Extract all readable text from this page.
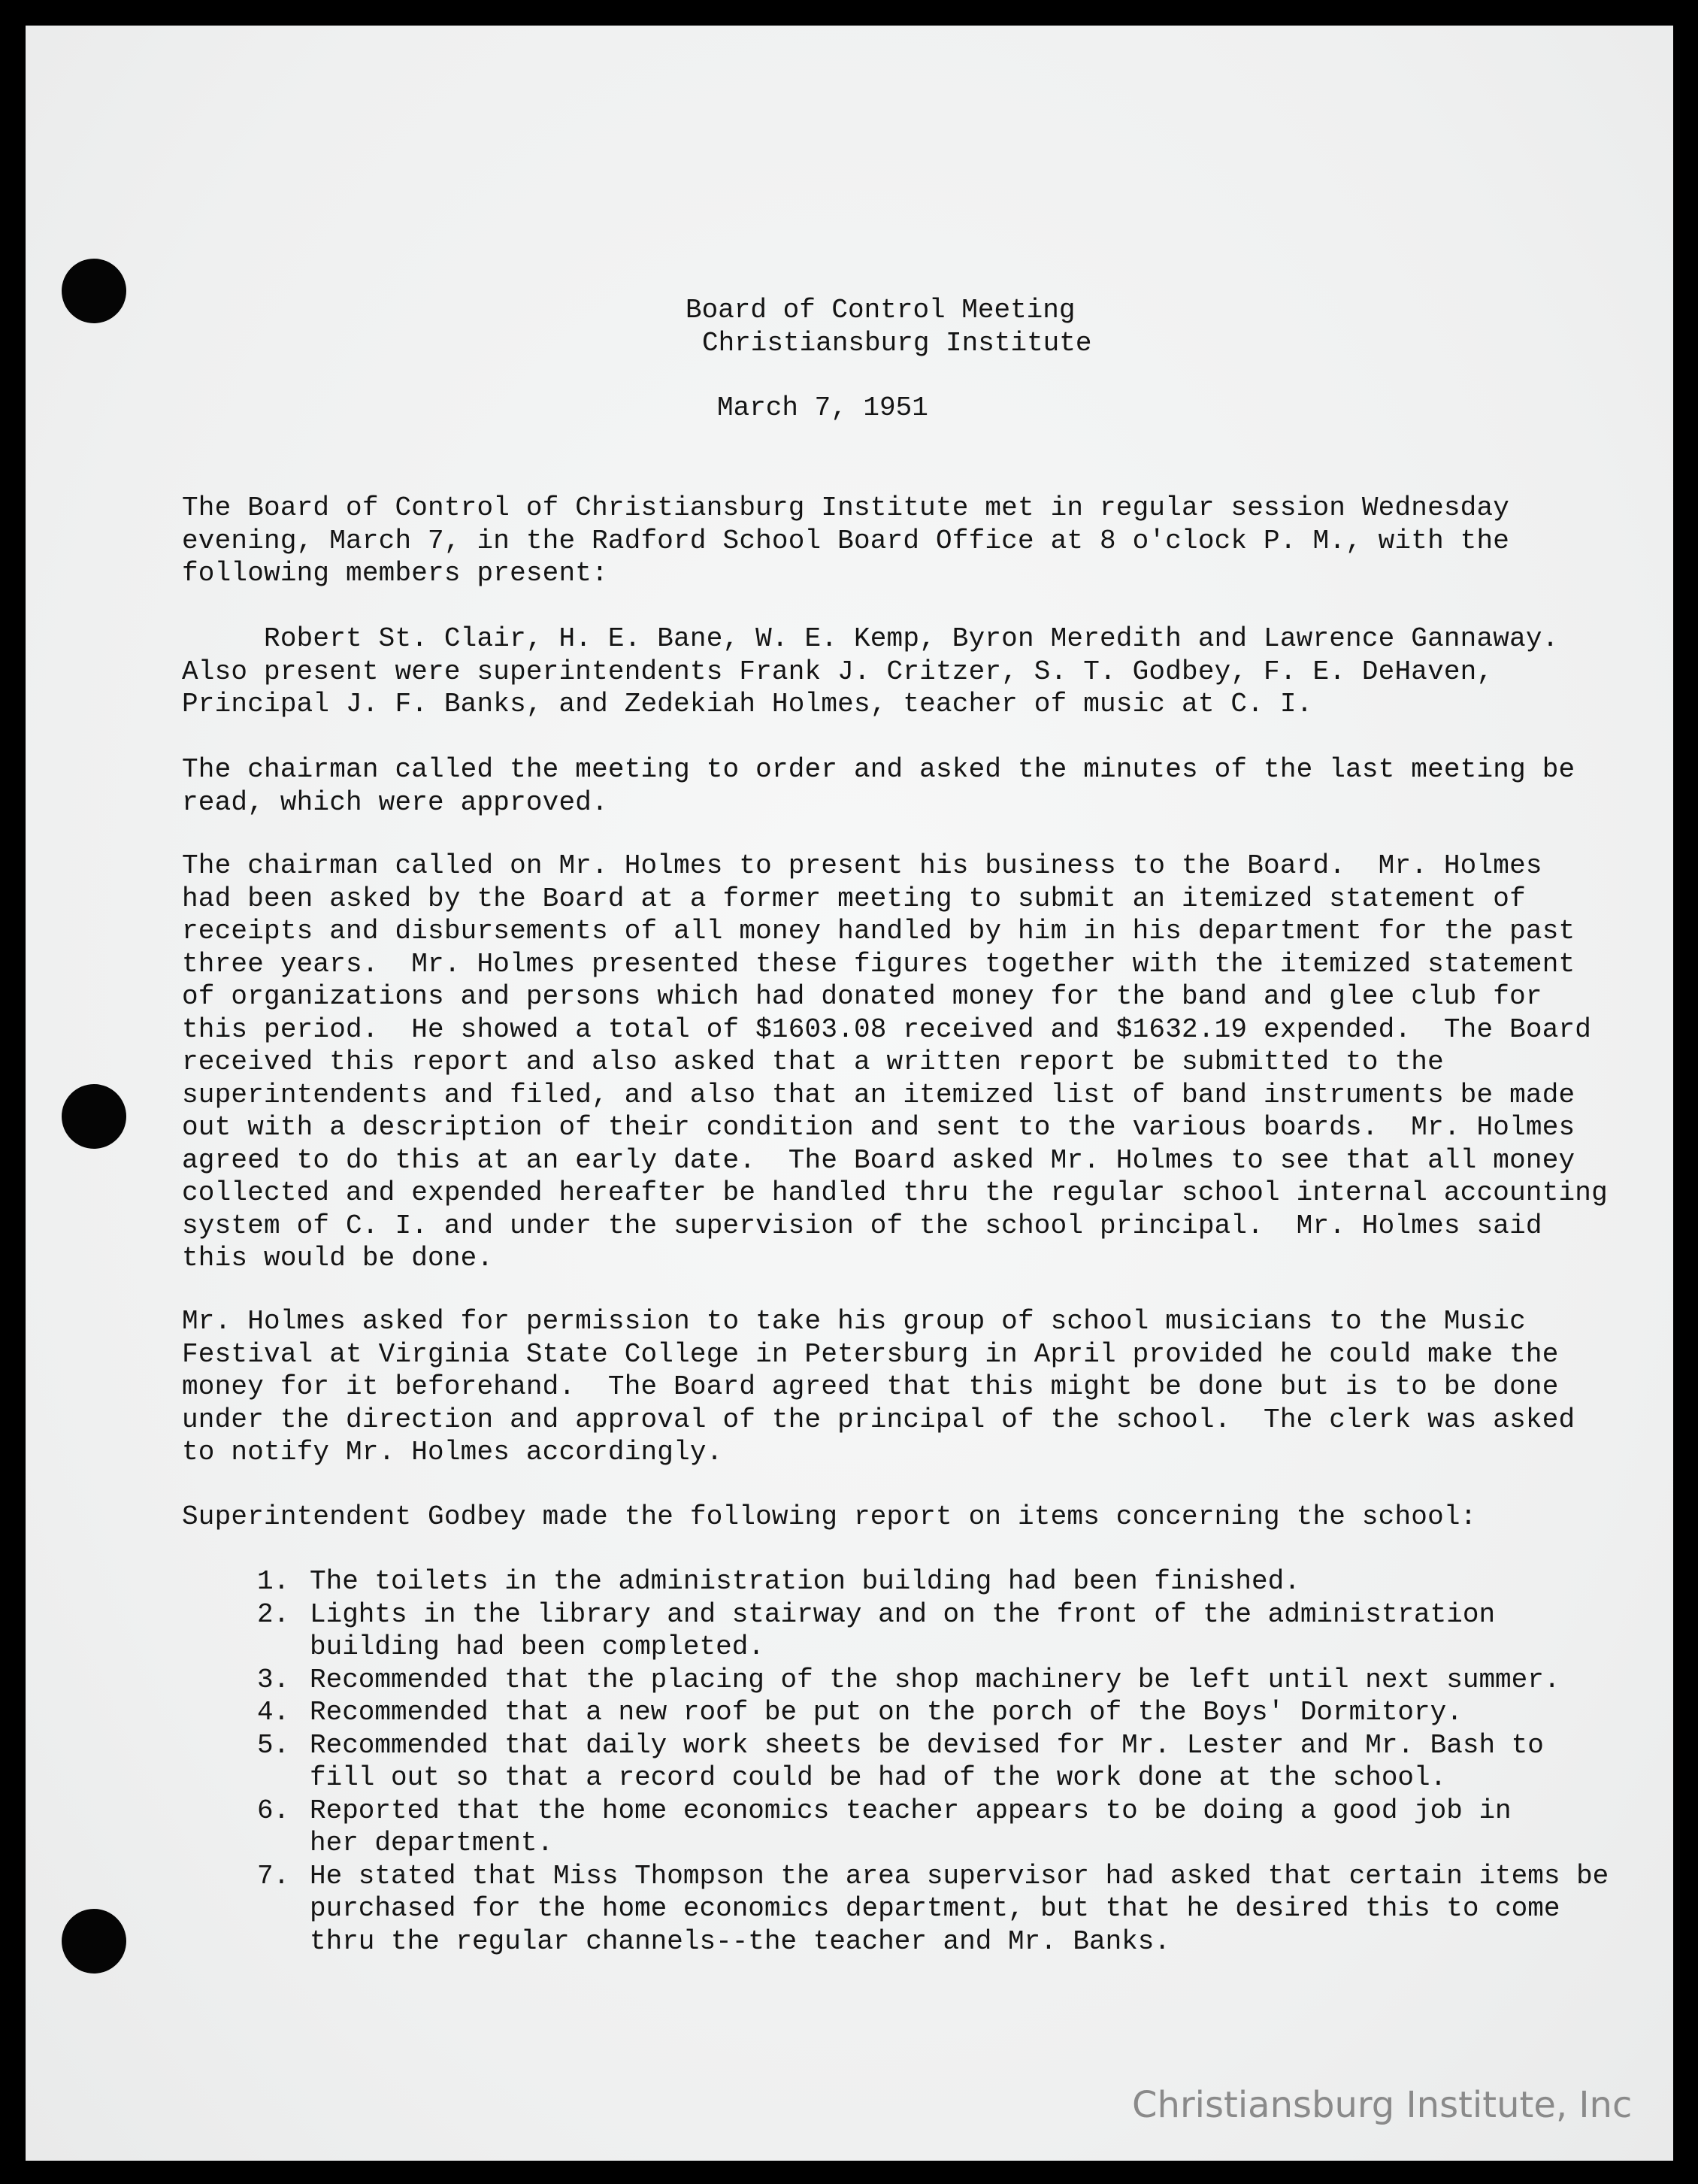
Board of Control Meeting
Christiansburg Institute
March 7, 1951

The Board of Control of Christiansburg Institute met in regular session Wednesday
evening, March 7, in the Radford School Board Office at 8 o'clock P. M., with the
following members present:

Robert St. Clair, H. E. Bane, W. E. Kemp, Byron Meredith and Lawrence Gannaway.
Also present were superintendents Frank J. Critzer, S. T. Godbey, F. E. DeHaven,
Principal J. F. Banks, and Zedekiah Holmes, teacher of music at C. I.

The chairman called the meeting to order and asked the minutes of the last meeting be
read, which were approved.

The chairman called on Mr. Holmes to present his business to the Board.  Mr. Holmes
had been asked by the Board at a former meeting to submit an itemized statement of
receipts and disbursements of all money handled by him in his department for the past
three years.  Mr. Holmes presented these figures together with the itemized statement
of organizations and persons which had donated money for the band and glee club for
this period.  He showed a total of $1603.08 received and $1632.19 expended.  The Board
received this report and also asked that a written report be submitted to the
superintendents and filed, and also that an itemized list of band instruments be made
out with a description of their condition and sent to the various boards.  Mr. Holmes
agreed to do this at an early date.  The Board asked Mr. Holmes to see that all money
collected and expended hereafter be handled thru the regular school internal accounting
system of C. I. and under the supervision of the school principal.  Mr. Holmes said
this would be done.

Mr. Holmes asked for permission to take his group of school musicians to the Music
Festival at Virginia State College in Petersburg in April provided he could make the
money for it beforehand.  The Board agreed that this might be done but is to be done
under the direction and approval of the principal of the school.  The clerk was asked
to notify Mr. Holmes accordingly.

Superintendent Godbey made the following report on items concerning the school:

1. The toilets in the administration building had been finished.
2. Lights in the library and stairway and on the front of the administration
building had been completed.
3. Recommended that the placing of the shop machinery be left until next summer.
4. Recommended that a new roof be put on the porch of the Boys' Dormitory.
5. Recommended that daily work sheets be devised for Mr. Lester and Mr. Bash to
fill out so that a record could be had of the work done at the school.
6. Reported that the home economics teacher appears to be doing a good job in
her department.
7. He stated that Miss Thompson the area supervisor had asked that certain items be
purchased for the home economics department, but that he desired this to come
thru the regular channels--the teacher and Mr. Banks.
Christiansburg Institute, Inc
